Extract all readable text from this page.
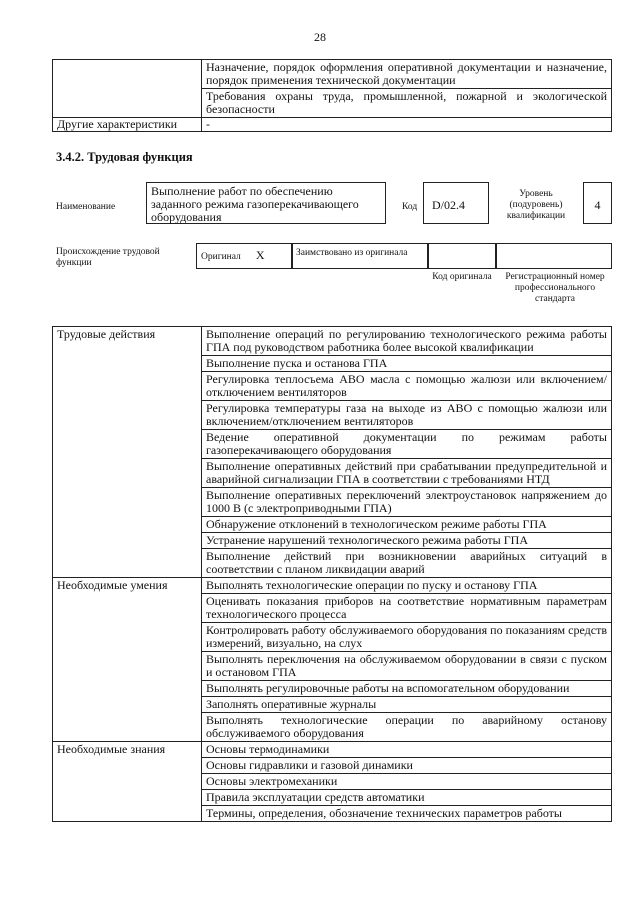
28
	Назначение, порядок оформления оперативной документации и назначение, порядок применения технической документации
	Требования охраны труда, промышленной, пожарной и экологической безопасности
Другие характеристики	-
3.4.2. Трудовая функция
Наименование
Выполнение работ по обеспечению заданного режима газоперекачивающего оборудования
Код	D/02.4
Уровень (подуровень) квалификации
4
Происхождение трудовой функции
Оригинал X	Заимствовано из оригинала
Код оригинала	Регистрационный номер профессионального стандарта
Трудовые действия	Выполнение операций по регулированию технологического режима работы ГПА под руководством работника более высокой квалификации
	Выполнение пуска и останова ГПА
	Регулировка теплосъема АВО масла с помощью жалюзи или включением/отключением вентиляторов
	Регулировка температуры газа на выходе из АВО с помощью жалюзи или включением/отключением вентиляторов
	Ведение оперативной документации по режимам работы газоперекачивающего оборудования
	Выполнение оперативных действий при срабатывании предупредительной и аварийной сигнализации ГПА в соответствии с требованиями НТД
	Выполнение оперативных переключений электроустановок напряжением до 1000 В (с электроприводными ГПА)
	Обнаружение отклонений в технологическом режиме работы ГПА
	Устранение нарушений технологического режима работы ГПА
	Выполнение действий при возникновении аварийных ситуаций в соответствии с планом ликвидации аварий
Необходимые умения	Выполнять технологические операции по пуску и останову ГПА
	Оценивать показания приборов на соответствие нормативным параметрам технологического процесса
	Контролировать работу обслуживаемого оборудования по показаниям средств измерений, визуально, на слух
	Выполнять переключения на обслуживаемом оборудовании в связи с пуском и остановом ГПА
	Выполнять регулировочные работы на вспомогательном оборудовании
	Заполнять оперативные журналы
	Выполнять технологические операции по аварийному останову обслуживаемого оборудования
Необходимые знания	Основы термодинамики
	Основы гидравлики и газовой динамики
	Основы электромеханики
	Правила эксплуатации средств автоматики
	Термины, определения, обозначение технических параметров работы
